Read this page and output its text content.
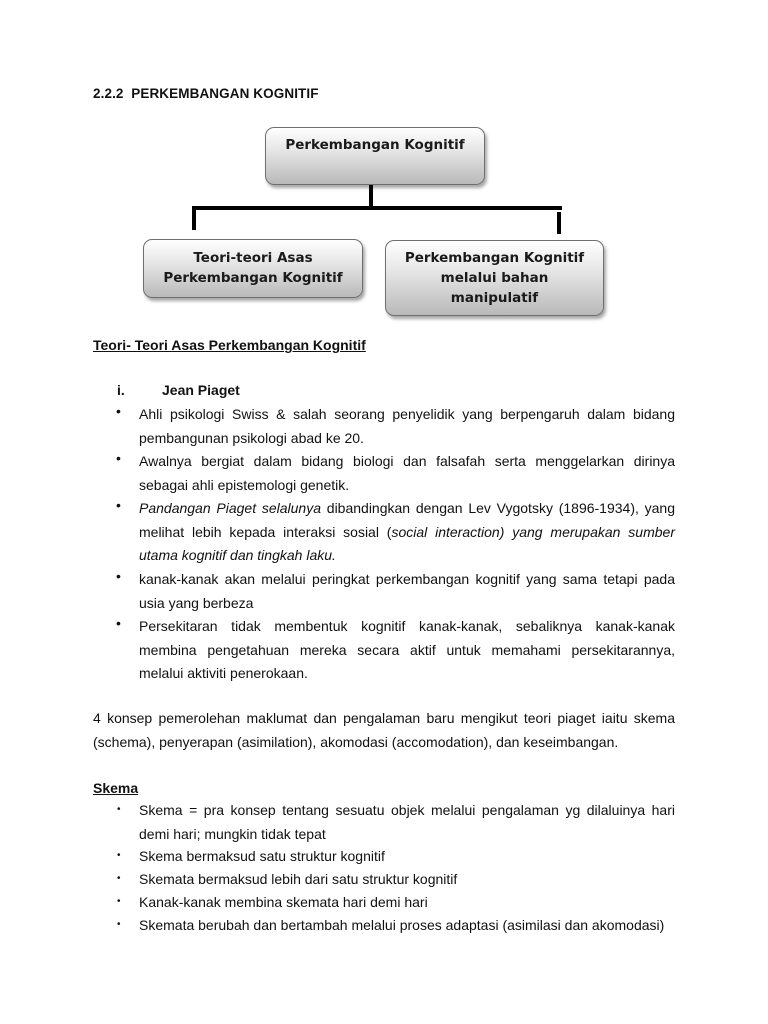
2.2.2 PERKEMBANGAN KOGNITIF
Perkembangan Kognitif
Teori-teori Asas
Perkembangan Kognitif
Perkembangan Kognitif
melalui bahan
manipulatif
Teori- Teori Asas Perkembangan Kognitif
i.	Jean Piaget
• Ahli psikologi Swiss & salah seorang penyelidik yang berpengaruh dalam bidang pembangunan psikologi abad ke 20.
• Awalnya bergiat dalam bidang biologi dan falsafah serta menggelarkan dirinya sebagai ahli epistemologi genetik.
• Pandangan Piaget selalunya dibandingkan dengan Lev Vygotsky (1896-1934), yang melihat lebih kepada interaksi sosial (social interaction) yang merupakan sumber utama kognitif dan tingkah laku.
• kanak-kanak akan melalui peringkat perkembangan kognitif yang sama tetapi pada usia yang berbeza
• Persekitaran tidak membentuk kognitif kanak-kanak, sebaliknya kanak-kanak membina pengetahuan mereka secara aktif untuk memahami persekitarannya, melalui aktiviti penerokaan.
4 konsep pemerolehan maklumat dan pengalaman baru mengikut teori piaget iaitu skema (schema), penyerapan (asimilation), akomodasi (accomodation), dan keseimbangan.
Skema
• Skema = pra konsep tentang sesuatu objek melalui pengalaman yg dilaluinya hari demi hari; mungkin tidak tepat
• Skema bermaksud satu struktur kognitif
• Skemata bermaksud lebih dari satu struktur kognitif
• Kanak-kanak membina skemata hari demi hari
• Skemata berubah dan bertambah melalui proses adaptasi (asimilasi dan akomodasi)
